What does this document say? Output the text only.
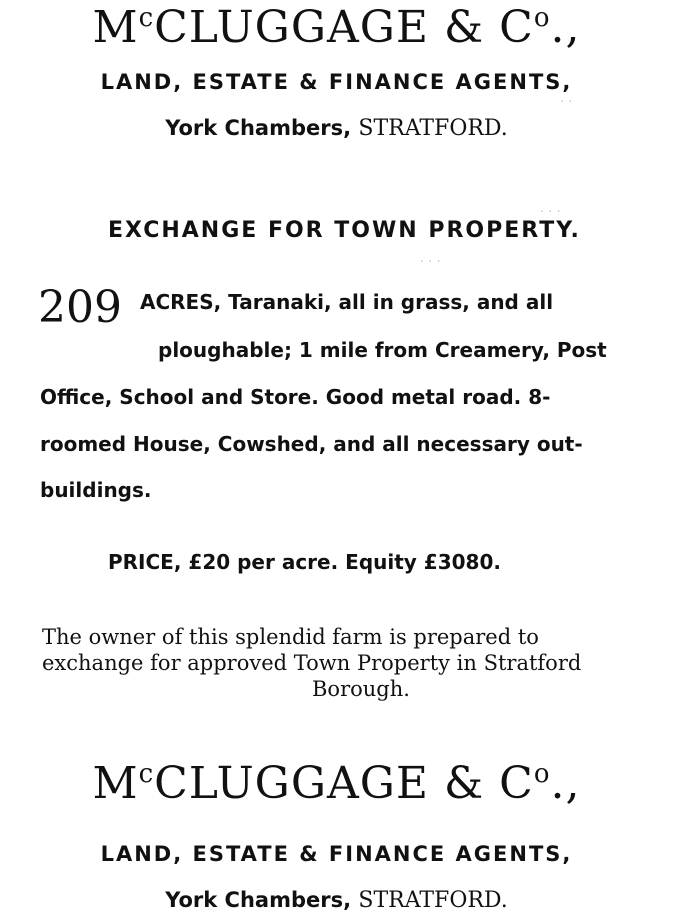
$M^cCLUGGAGE$ & $C^o$.,
LAND, ESTATE & FINANCE AGENTS,
York Chambers, STRATFORD.
EXCHANGE FOR TOWN PROPERTY.
209 ACRES, Taranaki, all in grass, and all
ploughable; 1 mile from Creamery, Post
Office, School and Store. Good metal road. 8-
roomed House, Cowshed, and all necessary out-
buildings.
PRICE, £20 per acre. Equity £3080.
The owner of this splendid farm is prepared to
exchange for approved Town Property in Stratford
Borough.
$M^cCLUGGAGE$ & $C^o$.,
LAND, ESTATE & FINANCE AGENTS,
York Chambers, STRATFORD.
· ·
· · ·
· · ·
